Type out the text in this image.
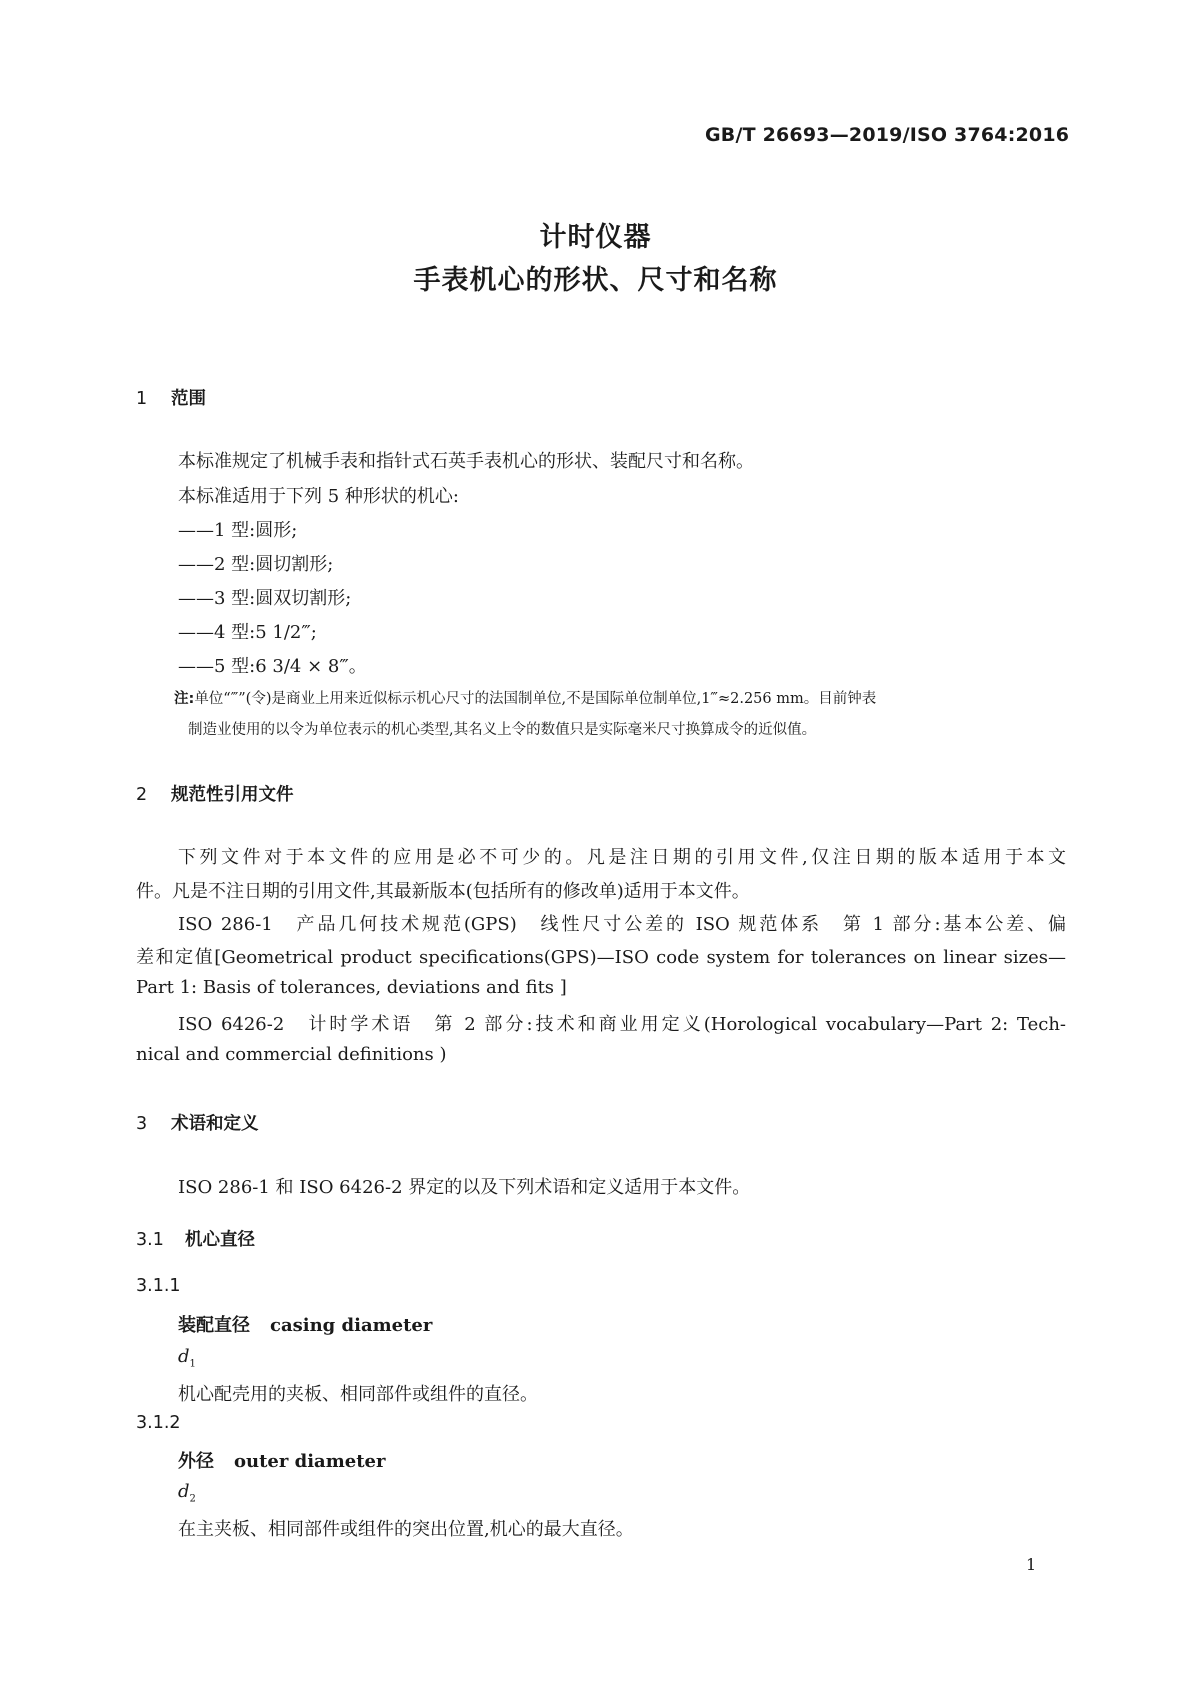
GB/T 26693—2019/ISO 3764:2016
计时仪器
手表机心的形状、尺寸和名称
1 范围
本标准规定了机械手表和指针式石英手表机心的形状、装配尺寸和名称。
本标准适用于下列 5 种形状的机心:
——1 型:圆形;
——2 型:圆切割形;
——3 型:圆双切割形;
——4 型:5 1/2‴;
——5 型:6 3/4 × 8‴。
注:单位“‴”(令)是商业上用来近似标示机心尺寸的法国制单位,不是国际单位制单位,1‴≈2.256 mm。目前钟表
制造业使用的以令为单位表示的机心类型,其名义上令的数值只是实际毫米尺寸换算成令的近似值。
2 规范性引用文件
下列文件对于本文件的应用是必不可少的。凡是注日期的引用文件,仅注日期的版本适用于本文
件。凡是不注日期的引用文件,其最新版本(包括所有的修改单)适用于本文件。
ISO 286-1　产品几何技术规范(GPS)　线性尺寸公差的 ISO 规范体系　第 1 部分:基本公差、偏
差和定值[Geometrical product specifications(GPS)—ISO code system for tolerances on linear sizes—
Part 1: Basis of tolerances, deviations and fits ]
ISO 6426-2　计时学术语　第 2 部分:技术和商业用定义(Horological vocabulary—Part 2: Tech-
nical and commercial definitions )
3 术语和定义
ISO 286-1 和 ISO 6426-2 界定的以及下列术语和定义适用于本文件。
3.1 机心直径
3.1.1
装配直径 casing diameter
$d_1$
机心配壳用的夹板、相同部件或组件的直径。
3.1.2
外径 outer diameter
$d_2$
在主夹板、相同部件或组件的突出位置,机心的最大直径。
1
